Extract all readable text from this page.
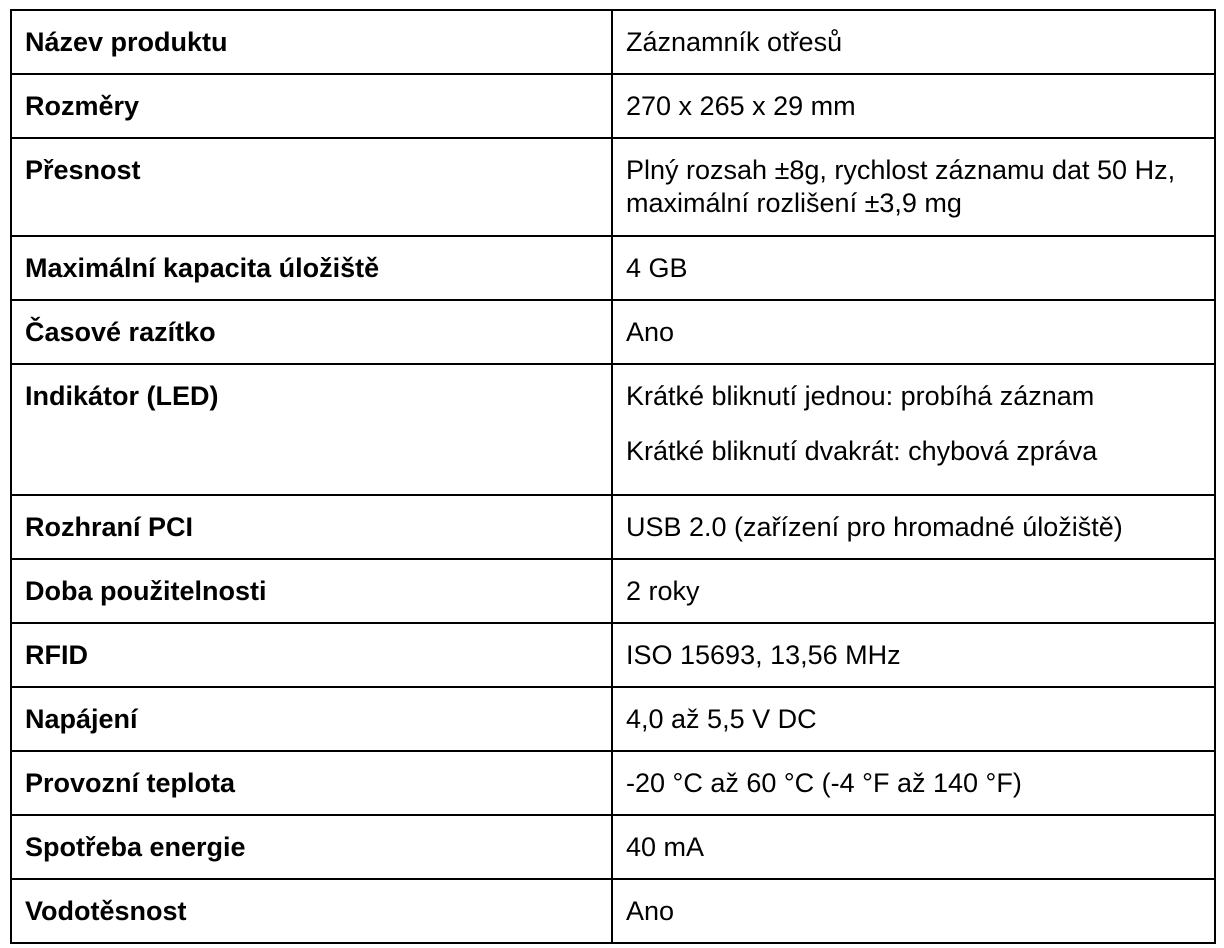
Název produktu	Záznamník otřesů
Rozměry	270 x 265 x 29 mm
Přesnost	Plný rozsah ±8g, rychlost záznamu dat 50 Hz, maximální rozlišení ±3,9 mg
Maximální kapacita úložiště	4 GB
Časové razítko	Ano
Indikátor (LED)	Krátké bliknutí jednou: probíhá záznam
Krátké bliknutí dvakrát: chybová zpráva

Rozhraní PCI	USB 2.0 (zařízení pro hromadné úložiště)
Doba použitelnosti	2 roky
RFID	ISO 15693, 13,56 MHz
Napájení	4,0 až 5,5 V DC
Provozní teplota	-20 °C až 60 °C (-4 °F až 140 °F)
Spotřeba energie	40 mA
Vodotěsnost	Ano
